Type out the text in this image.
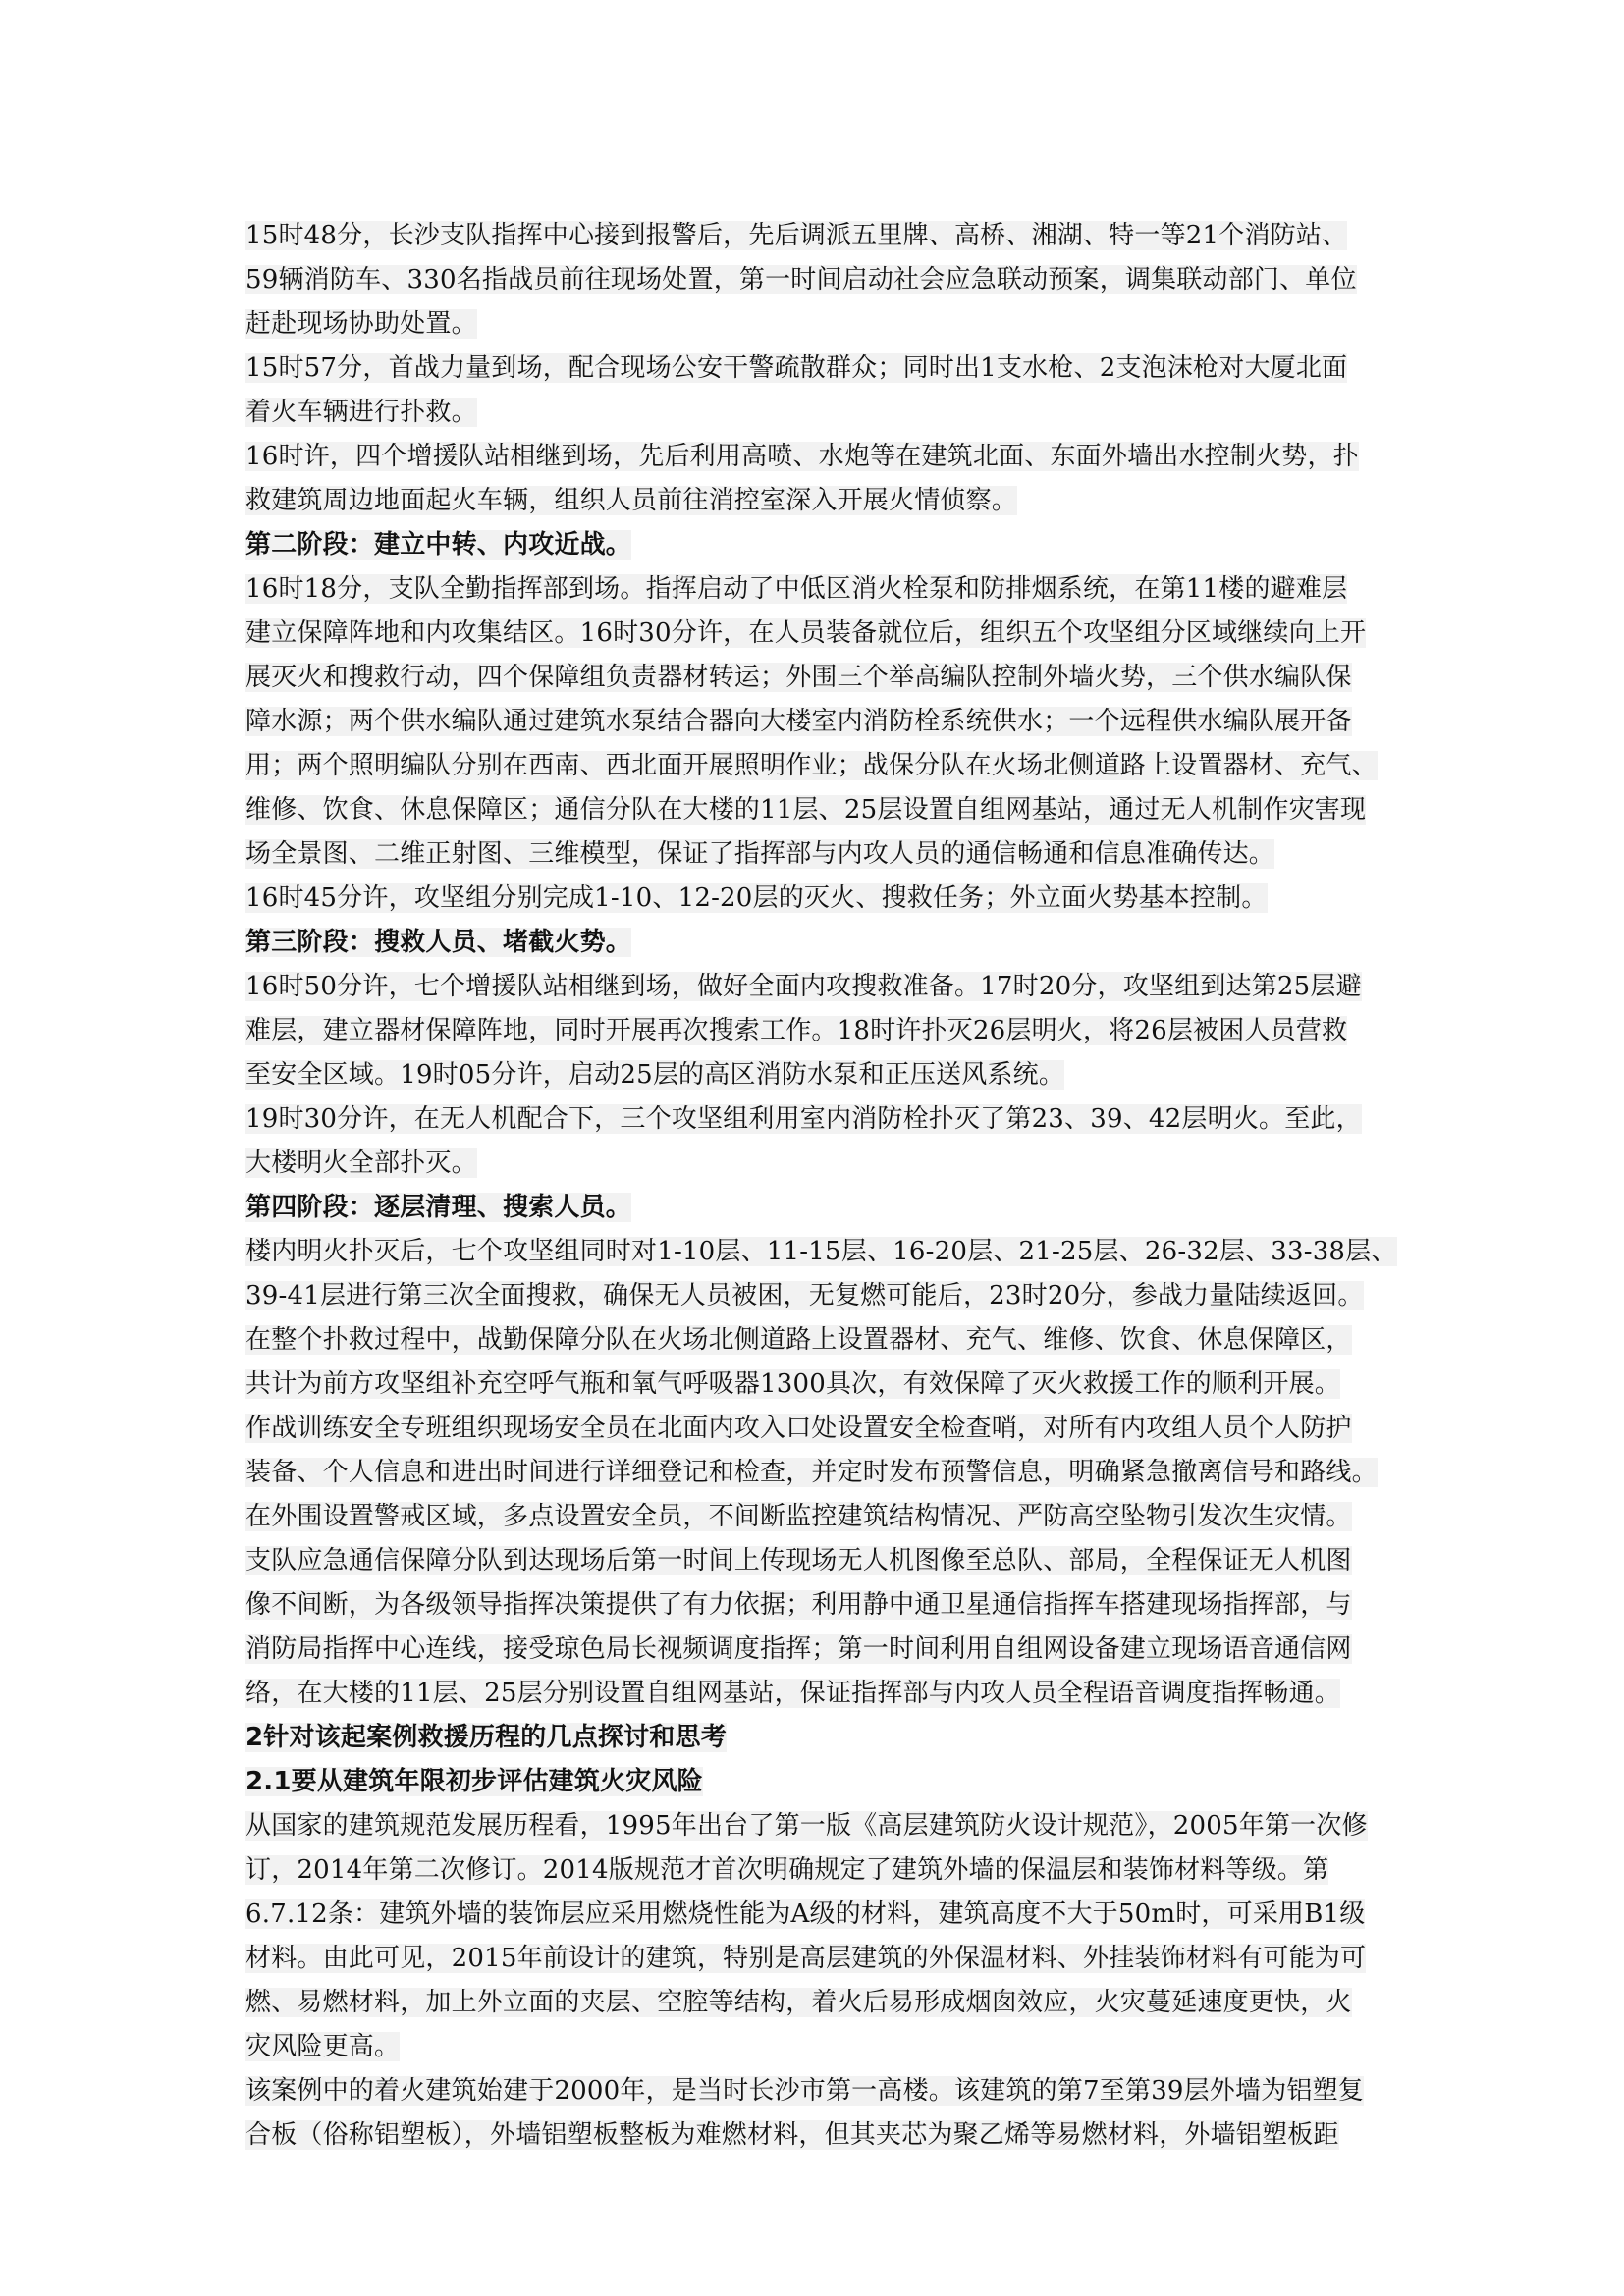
15时48分，长沙支队指挥中心接到报警后，先后调派五里牌、高桥、湘湖、特一等21个消防站、
59辆消防车、330名指战员前往现场处置，第一时间启动社会应急联动预案，调集联动部门、单位
赶赴现场协助处置。
15时57分，首战力量到场，配合现场公安干警疏散群众；同时出1支水枪、2支泡沫枪对大厦北面
着火车辆进行扑救。
16时许，四个增援队站相继到场，先后利用高喷、水炮等在建筑北面、东面外墙出水控制火势，扑
救建筑周边地面起火车辆，组织人员前往消控室深入开展火情侦察。
第二阶段：建立中转、内攻近战。
16时18分，支队全勤指挥部到场。指挥启动了中低区消火栓泵和防排烟系统，在第11楼的避难层
建立保障阵地和内攻集结区。16时30分许，在人员装备就位后，组织五个攻坚组分区域继续向上开
展灭火和搜救行动，四个保障组负责器材转运；外围三个举高编队控制外墙火势，三个供水编队保
障水源；两个供水编队通过建筑水泵结合器向大楼室内消防栓系统供水；一个远程供水编队展开备
用；两个照明编队分别在西南、西北面开展照明作业；战保分队在火场北侧道路上设置器材、充气、
维修、饮食、休息保障区；通信分队在大楼的11层、25层设置自组网基站，通过无人机制作灾害现
场全景图、二维正射图、三维模型，保证了指挥部与内攻人员的通信畅通和信息准确传达。
16时45分许，攻坚组分别完成1-10、12-20层的灭火、搜救任务；外立面火势基本控制。
第三阶段：搜救人员、堵截火势。
16时50分许，七个增援队站相继到场，做好全面内攻搜救准备。17时20分，攻坚组到达第25层避
难层，建立器材保障阵地，同时开展再次搜索工作。18时许扑灭26层明火，将26层被困人员营救
至安全区域。19时05分许，启动25层的高区消防水泵和正压送风系统。
19时30分许，在无人机配合下，三个攻坚组利用室内消防栓扑灭了第23、39、42层明火。至此，
大楼明火全部扑灭。
第四阶段：逐层清理、搜索人员。
楼内明火扑灭后，七个攻坚组同时对1-10层、11-15层、16-20层、21-25层、26-32层、33-38层、
39-41层进行第三次全面搜救，确保无人员被困，无复燃可能后，23时20分，参战力量陆续返回。
在整个扑救过程中，战勤保障分队在火场北侧道路上设置器材、充气、维修、饮食、休息保障区，
共计为前方攻坚组补充空呼气瓶和氧气呼吸器1300具次，有效保障了灭火救援工作的顺利开展。
作战训练安全专班组织现场安全员在北面内攻入口处设置安全检查哨，对所有内攻组人员个人防护
装备、个人信息和进出时间进行详细登记和检查，并定时发布预警信息，明确紧急撤离信号和路线。
在外围设置警戒区域，多点设置安全员，不间断监控建筑结构情况、严防高空坠物引发次生灾情。
支队应急通信保障分队到达现场后第一时间上传现场无人机图像至总队、部局，全程保证无人机图
像不间断，为各级领导指挥决策提供了有力依据；利用静中通卫星通信指挥车搭建现场指挥部，与
消防局指挥中心连线，接受琼色局长视频调度指挥；第一时间利用自组网设备建立现场语音通信网
络，在大楼的11层、25层分别设置自组网基站，保证指挥部与内攻人员全程语音调度指挥畅通。
2针对该起案例救援历程的几点探讨和思考
2.1要从建筑年限初步评估建筑火灾风险
从国家的建筑规范发展历程看，1995年出台了第一版《高层建筑防火设计规范》，2005年第一次修
订，2014年第二次修订。2014版规范才首次明确规定了建筑外墙的保温层和装饰材料等级。第
6.7.12条：建筑外墙的装饰层应采用燃烧性能为A级的材料，建筑高度不大于50m时，可采用B1级
材料。由此可见，2015年前设计的建筑，特别是高层建筑的外保温材料、外挂装饰材料有可能为可
燃、易燃材料，加上外立面的夹层、空腔等结构，着火后易形成烟囱效应，火灾蔓延速度更快，火
灾风险更高。
该案例中的着火建筑始建于2000年，是当时长沙市第一高楼。该建筑的第7至第39层外墙为铝塑复
合板（俗称铝塑板），外墙铝塑板整板为难燃材料，但其夹芯为聚乙烯等易燃材料，外墙铝塑板距
